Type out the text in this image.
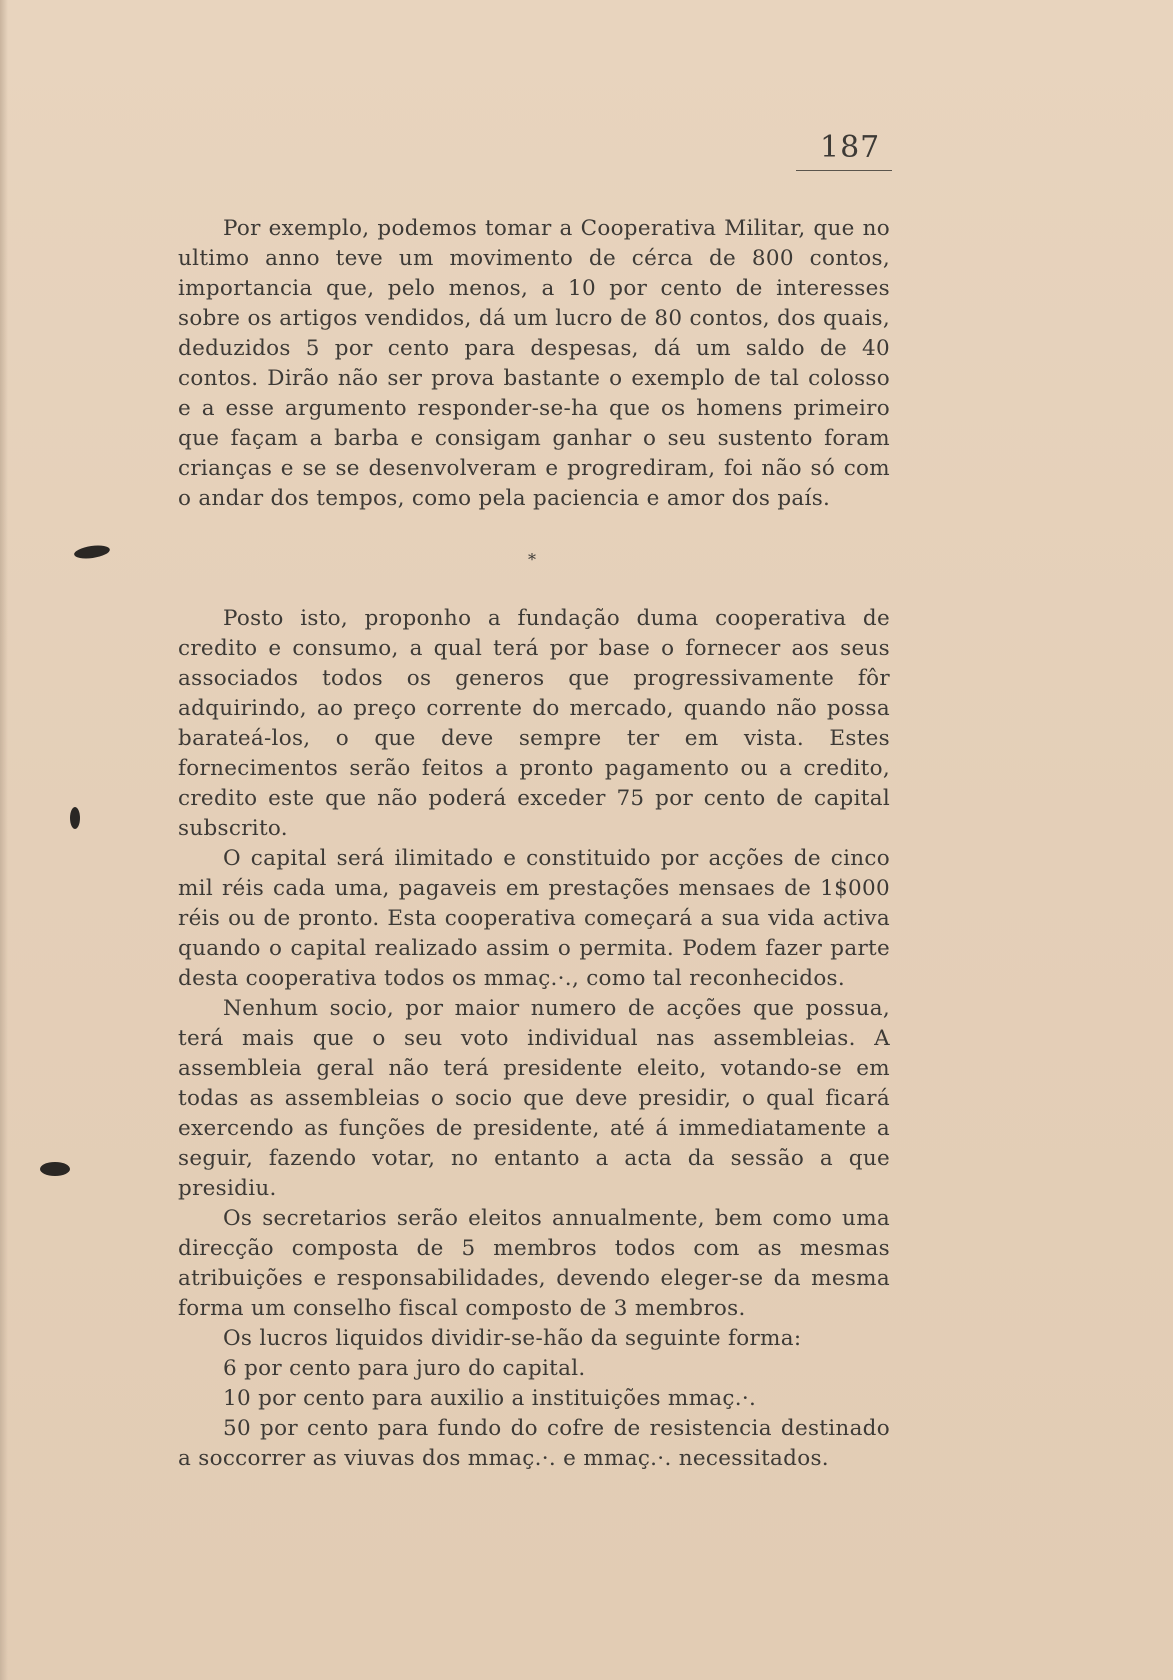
187

Por exemplo, podemos tomar a Cooperativa Militar, que no ultimo anno teve um movimento de cérca de 800 contos, importancia que, pelo menos, a 10 por cento de interesses sobre os artigos vendidos, dá um lucro de 80 contos, dos quais, deduzidos 5 por cento para despesas, dá um saldo de 40 contos. Dirão não ser prova bastante o exemplo de tal colosso e a esse argumento responder-se-ha que os homens primeiro que façam a barba e consigam ganhar o seu sustento foram crianças e se se desenvolveram e progrediram, foi não só com o andar dos tempos, como pela paciencia e amor dos país.

*

Posto isto, proponho a fundação duma cooperativa de credito e consumo, a qual terá por base o fornecer aos seus associados todos os generos que progressivamente fôr adquirindo, ao preço corrente do mercado, quando não possa barateá-los, o que deve sempre ter em vista. Estes fornecimentos serão feitos a pronto pagamento ou a credito, credito este que não poderá exceder 75 por cento de capital subscrito.

O capital será ilimitado e constituido por acções de cinco mil réis cada uma, pagaveis em prestações mensaes de 1$000 réis ou de pronto. Esta cooperativa começará a sua vida activa quando o capital realizado assim o permita. Podem fazer parte desta cooperativa todos os mmaç.·., como tal reconhecidos.

Nenhum socio, por maior numero de acções que possua, terá mais que o seu voto individual nas assembleias. A assembleia geral não terá presidente eleito, votando-se em todas as assembleias o socio que deve presidir, o qual ficará exercendo as funções de presidente, até á immediatamente a seguir, fazendo votar, no entanto a acta da sessão a que presidiu.

Os secretarios serão eleitos annualmente, bem como uma direcção composta de 5 membros todos com as mesmas atribuições e responsabilidades, devendo eleger-se da mesma forma um conselho fiscal composto de 3 membros.

Os lucros liquidos dividir-se-hão da seguinte forma:

6 por cento para juro do capital.

10 por cento para auxilio a instituições mmaç.·.

50 por cento para fundo do cofre de resistencia destinado a soccorrer as viuvas dos mmaç.·. e mmaç.·. necessitados.
